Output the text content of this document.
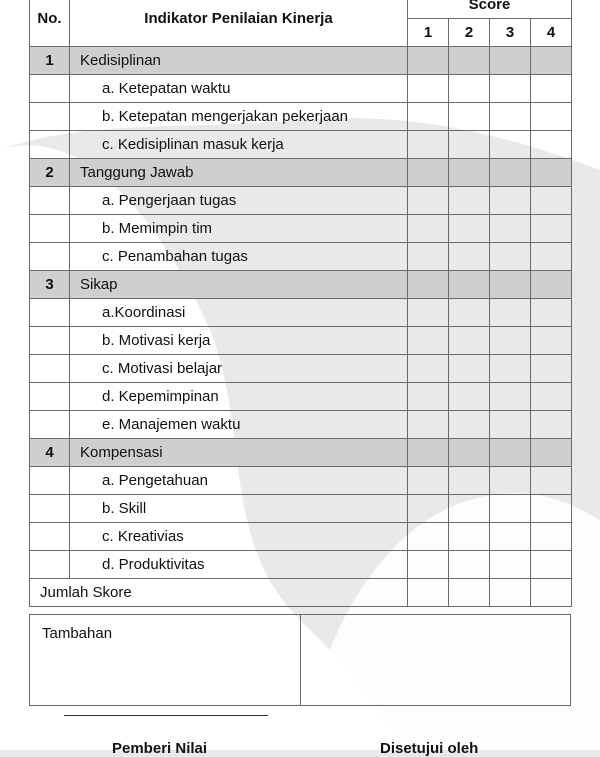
No.	Indikator Penilaian Kinerja	Score			
		1	2	3	4
1	Kedisiplinan				
	a. Ketepatan waktu				
	b. Ketepatan mengerjakan pekerjaan				
	c. Kedisiplinan masuk kerja				
2	Tanggung Jawab				
	a. Pengerjaan tugas				
	b. Memimpin tim				
	c. Penambahan tugas				
3	Sikap				
	a.Koordinasi				
	b. Motivasi kerja				
	c. Motivasi belajar				
	d. Kepemimpinan				
	e. Manajemen waktu				
4	Kompensasi				
	a. Pengetahuan				
	b. Skill				
	c. Kreativias				
	d. Produktivitas				
Jumlah Skore					
Tambahan
Pemberi Nilai	Disetujui oleh
